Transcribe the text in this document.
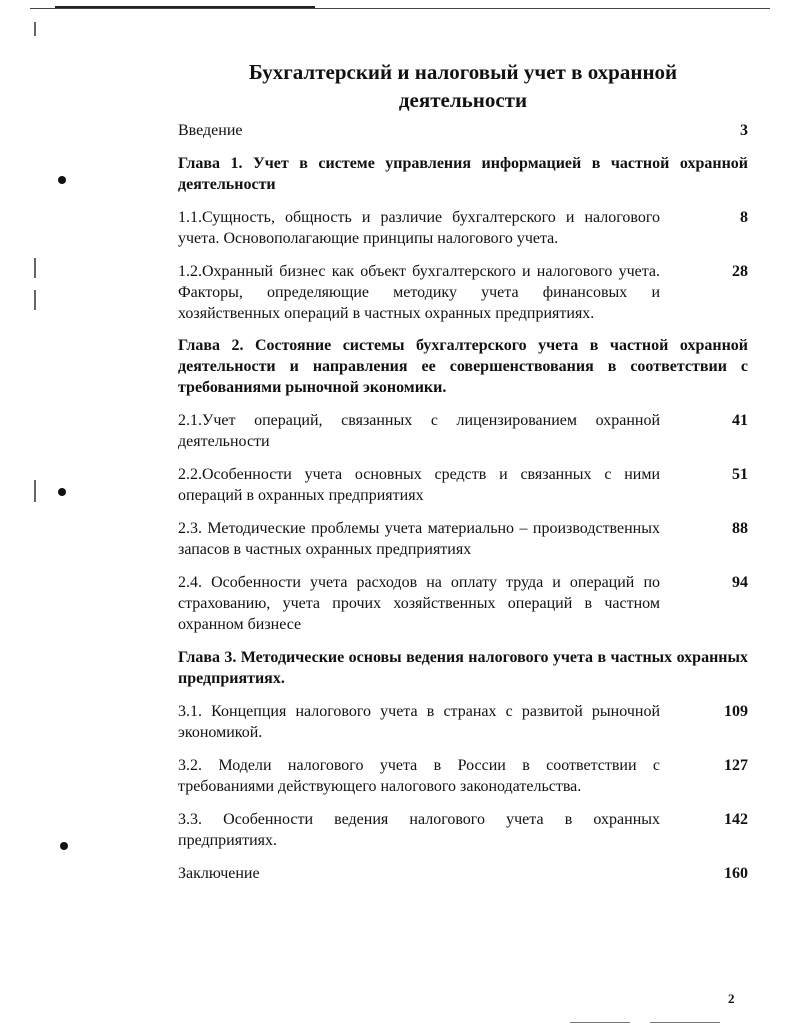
Бухгалтерский и налоговый учет в охранной
деятельности
Введение	3
Глава 1. Учет в системе управления информацией в частной охранной деятельности
1.1.Сущность, общность и различие бухгалтерского и налогового учета. Основополагающие принципы налогового учета.
8
1.2.Охранный бизнес как объект бухгалтерского и налогового учета. Факторы, определяющие методику учета финансовых и хозяйственных операций в частных охранных предприятиях.
28
Глава 2. Состояние системы бухгалтерского учета в частной охранной деятельности и направления ее совершенствования в соответствии с требованиями рыночной экономики.
2.1.Учет операций, связанных с лицензированием охранной деятельности
41
2.2.Особенности учета основных средств и связанных с ними операций в охранных предприятиях
51
2.3. Методические проблемы учета материально – производственных запасов в частных охранных предприятиях
88
2.4. Особенности учета расходов на оплату труда и операций по страхованию, учета прочих хозяйственных операций в частном охранном бизнесе
94
Глава 3. Методические основы ведения налогового учета в частных охранных предприятиях.
3.1. Концепция налогового учета в странах с развитой рыночной экономикой.
109
3.2. Модели налогового учета в России в соответствии с требованиями действующего налогового законодательства.
127
3.3. Особенности ведения налогового учета в охранных предприятиях.
142
Заключение	160
2
